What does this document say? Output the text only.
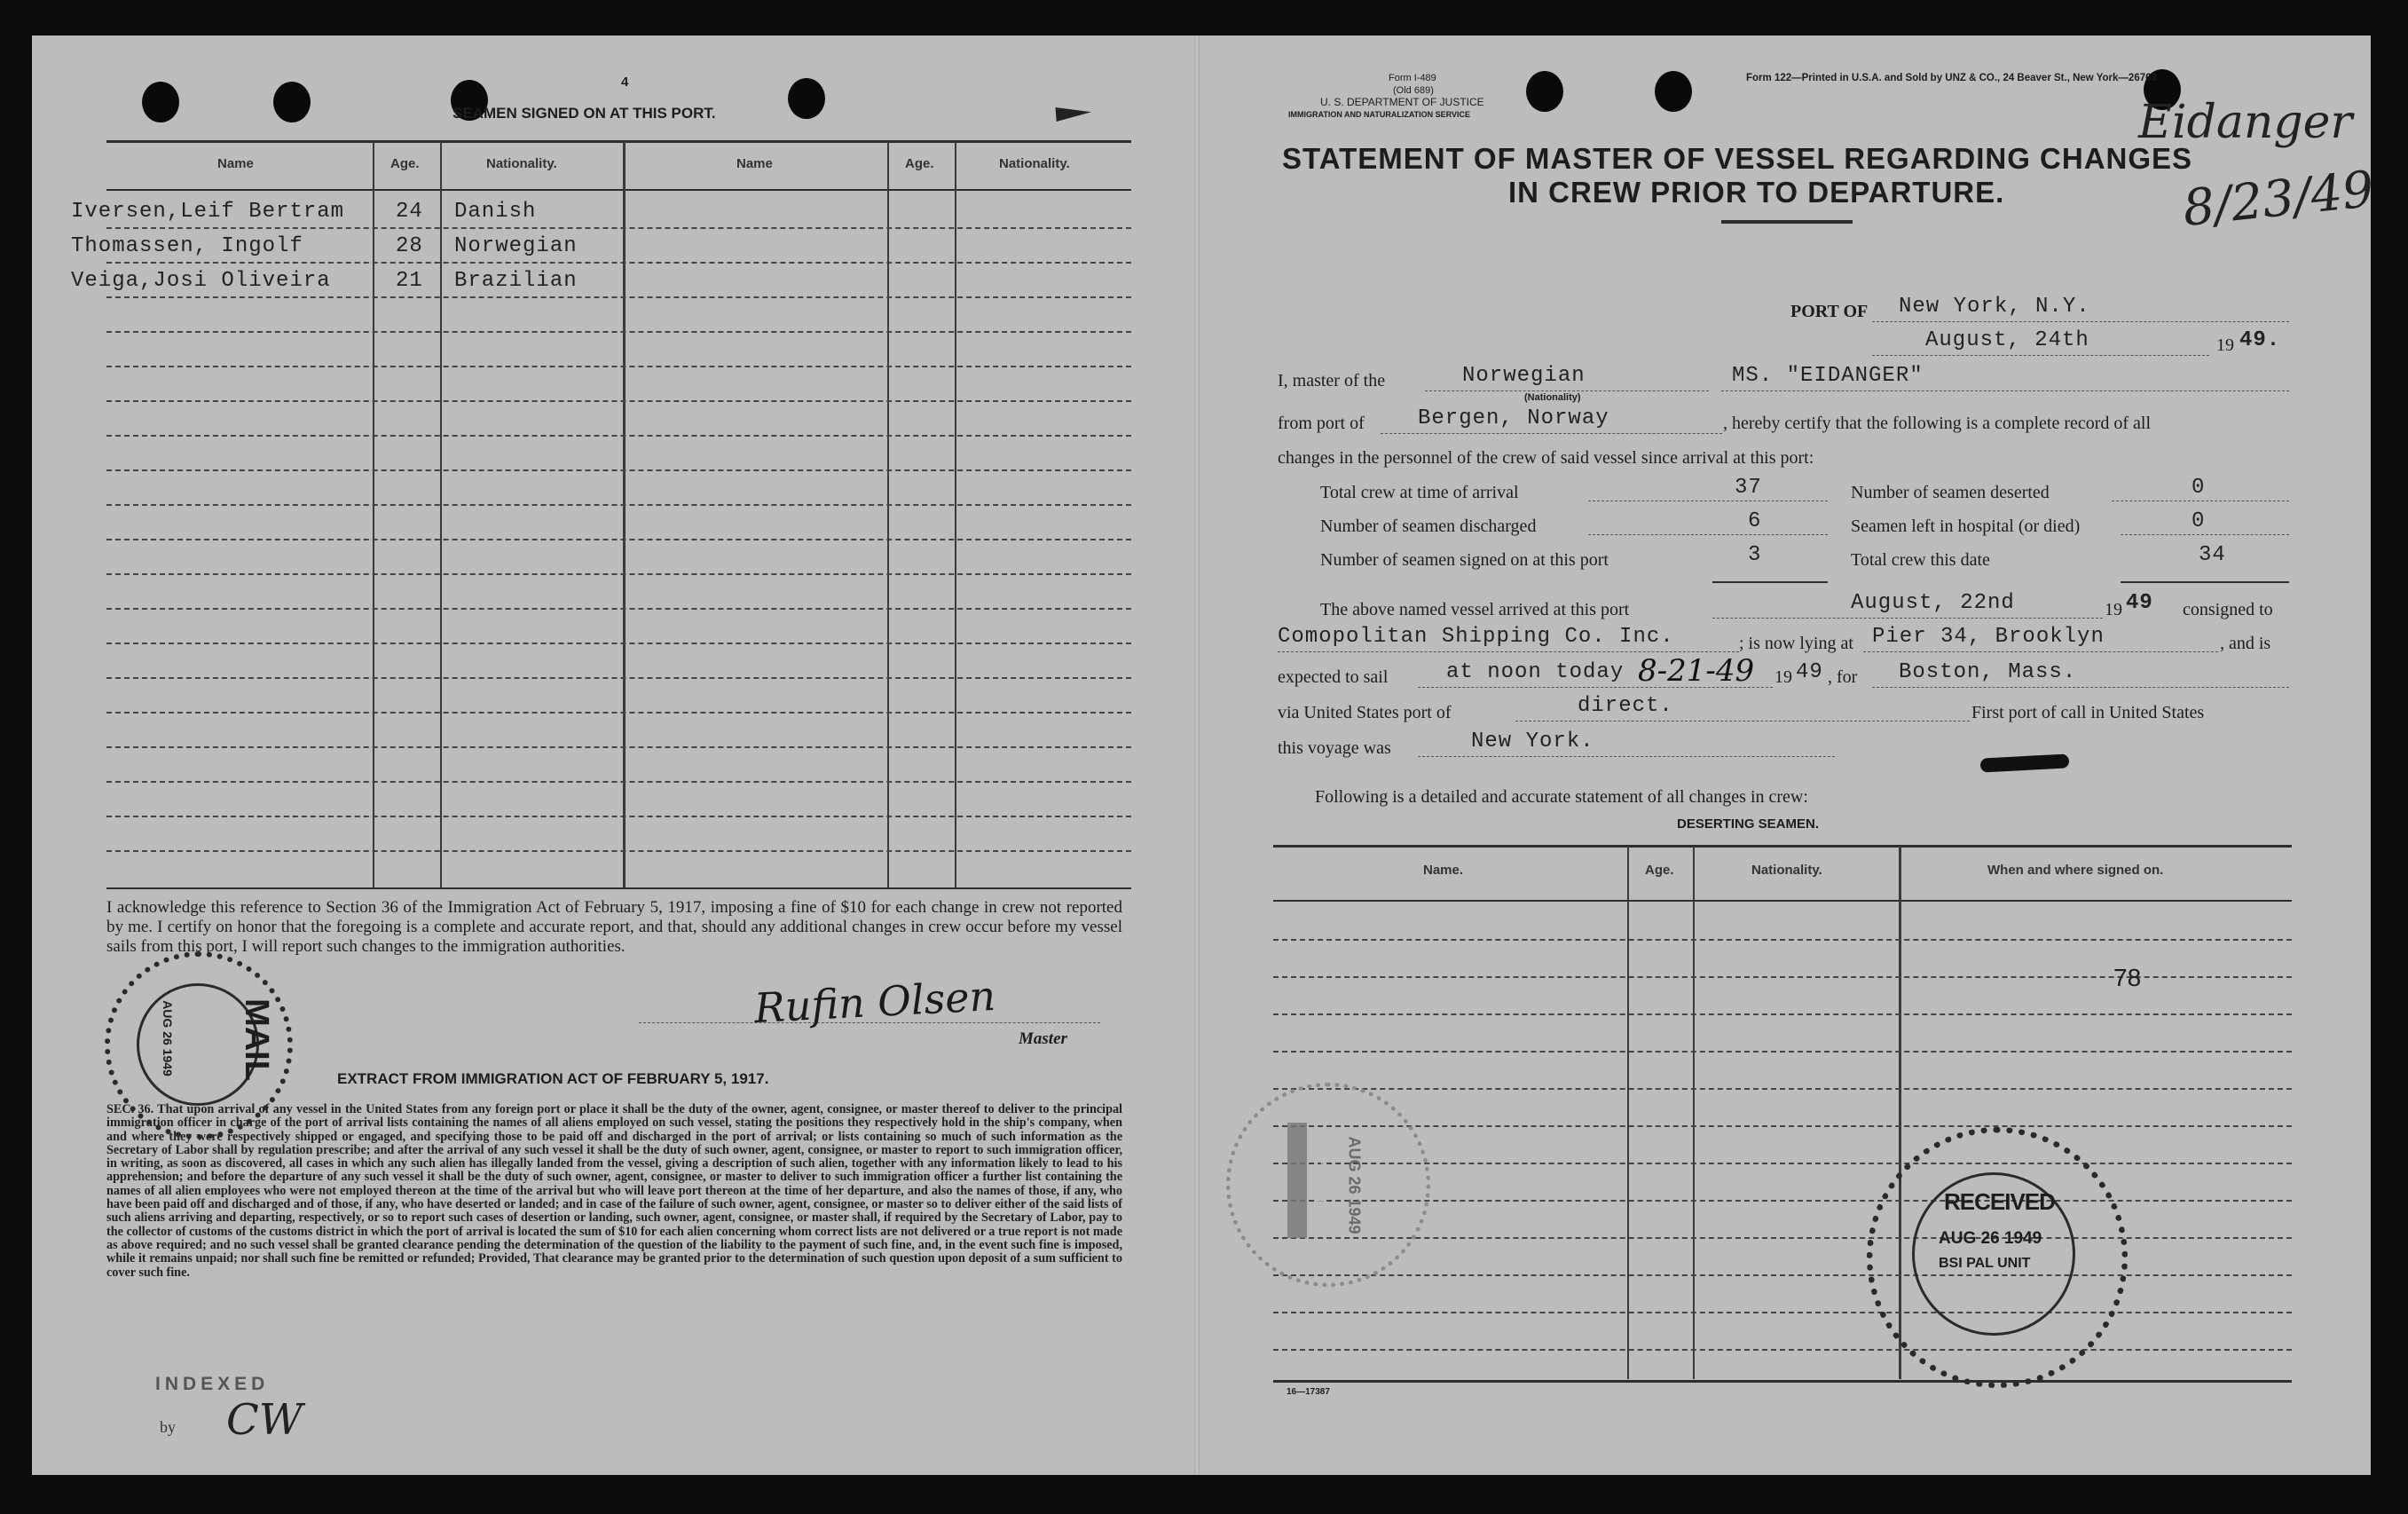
4
SEAMEN SIGNED ON AT THIS PORT.
Name	Age.	Nationality.	Name	Age.	Nationality.
Iversen,Leif Bertram 24 Danish
Thomassen, Ingolf	28 Norwegian
Veiga,Josi Oliveira	21 Brazilian
I acknowledge this reference to Section 36 of the Immigration Act of February 5, 1917, imposing a fine of $10 for each change in crew not reported by me. I certify on honor that the foregoing is a complete and accurate report, and that, should any additional changes in crew occur before my vessel sails from this port, I will report such changes to the immigration authorities.
Rufin Olsen
Master
EXTRACT FROM IMMIGRATION ACT OF FEBRUARY 5, 1917.
SEC. 36. That upon arrival of any vessel in the United States from any foreign port or place it shall be the duty of the owner, agent, consignee, or master thereof to deliver to the principal immigration officer in charge of the port of arrival lists containing the names of all aliens employed on such vessel, stating the positions they respectively hold in the ship's company, when and where they were respectively shipped or engaged, and specifying those to be paid off and discharged in the port of arrival; or lists containing so much of such information as the Secretary of Labor shall by regulation prescribe; and after the arrival of any such vessel it shall be the duty of such owner, agent, consignee, or master to report to such immigration officer, in writing, as soon as discovered, all cases in which any such alien has illegally landed from the vessel, giving a description of such alien, together with any information likely to lead to his apprehension; and before the departure of any such vessel it shall be the duty of such owner, agent, consignee, or master to deliver to such immigration officer a further list containing the names of all alien employees who were not employed thereon at the time of the arrival but who will leave port thereon at the time of her departure, and also the names of those, if any, who have been paid off and discharged and of those, if any, who have deserted or landed; and in case of the failure of such owner, agent, consignee, or master so to deliver either of the said lists of such aliens arriving and departing, respectively, or so to report such cases of desertion or landing, such owner, agent, consignee, or master shall, if required by the Secretary of Labor, pay to the collector of customs of the customs district in which the port of arrival is located the sum of $10 for each alien concerning whom correct lists are not delivered or a true report is not made as above required; and no such vessel shall be granted clearance pending the determination of the question of the liability to the payment of such fine, and, in the event such fine is imposed, while it remains unpaid; nor shall such fine be remitted or refunded; Provided, That clearance may be granted prior to the determination of such question upon deposit of a sum sufficient to cover such fine.
INDEXED
by CW
MAIL
AUG 26 1949
Form I-489
(Old 689)
U. S. DEPARTMENT OF JUSTICE
IMMIGRATION AND NATURALIZATION SERVICE
Form 122—Printed in U.S.A. and Sold by UNZ & CO., 24 Beaver St., New York—26763
STATEMENT OF MASTER OF VESSEL REGARDING CHANGES
IN CREW PRIOR TO DEPARTURE.
Eidanger
8/23/49
PORT OF New York, N.Y.
August, 24th	19 49.
I, master of the	Norwegian
(Nationality)
MS. "EIDANGER"
from port of	Bergen, Norway	, hereby certify that the following is a complete record of all
changes in the personnel of the crew of said vessel since arrival at this port:
Total crew at time of arrival	37
Number of seamen discharged	6
Number of seamen signed on at this port	3
Number of seamen deserted	0
Seamen left in hospital (or died)	0
Total crew this date	34
The above named vessel arrived at this port	August, 22nd	19 49 consigned to
Comopolitan Shipping Co. Inc.	; is now lying at Pier 34, Brooklyn	, and is
expected to sail	at noon today 8-21-49 19 49 , for Boston, Mass.
via United States port of	direct.	First port of call in United States
this voyage was	New York.
Following is a detailed and accurate statement of all changes in crew:
DESERTING SEAMEN.
Name.	Age.	Nationality.	When and where signed on.
78
16—17387
RECORDS UNIT AUG 26 1949	RECEIVED
AUG 26 1949
BSI PAL UNIT
